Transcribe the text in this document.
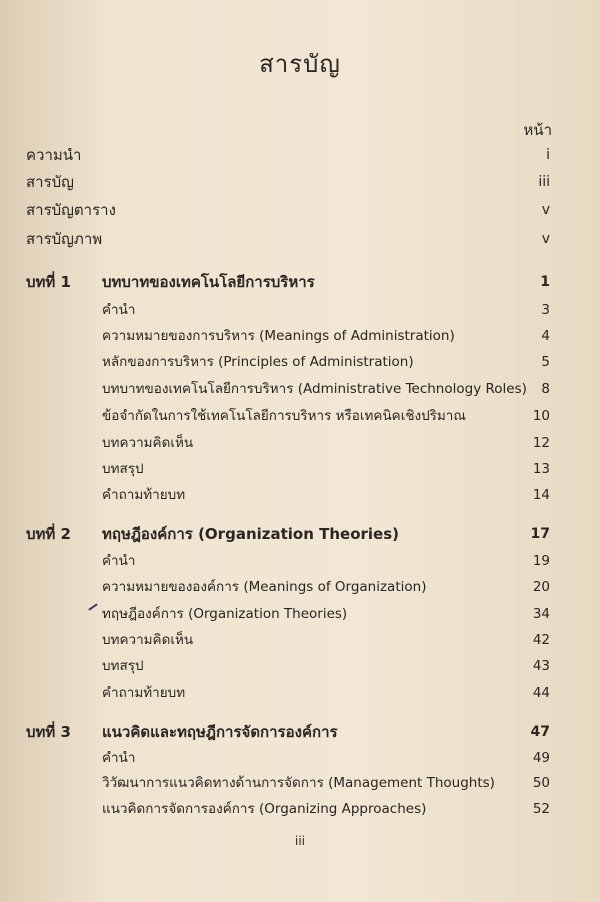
สารบัญ
หน้า
ความนำ	i
สารบัญ	iii
สารบัญตาราง	v
สารบัญภาพ	v
บทที่ 1 บทบาทของเทคโนโลยีการบริหาร	1
คำนำ	3
ความหมายของการบริหาร (Meanings of Administration)	4
หลักของการบริหาร (Principles of Administration)	5
บทบาทของเทคโนโลยีการบริหาร (Administrative Technology Roles) 8
ข้อจำกัดในการใช้เทคโนโลยีการบริหาร หรือเทคนิคเชิงปริมาณ	10
บทความคิดเห็น	12
บทสรุป	13
คำถามท้ายบท	14
บทที่ 2 ทฤษฎีองค์การ (Organization Theories)	17
คำนำ	19
ความหมายขององค์การ (Meanings of Organization)	20
ทฤษฎีองค์การ (Organization Theories)	34
บทความคิดเห็น	42
บทสรุป	43
คำถามท้ายบท	44
บทที่ 3 แนวคิดและทฤษฎีการจัดการองค์การ	47
คำนำ	49
วิวัฒนาการแนวคิดทางด้านการจัดการ (Management Thoughts)	50
แนวคิดการจัดการองค์การ (Organizing Approaches)	52
iii
